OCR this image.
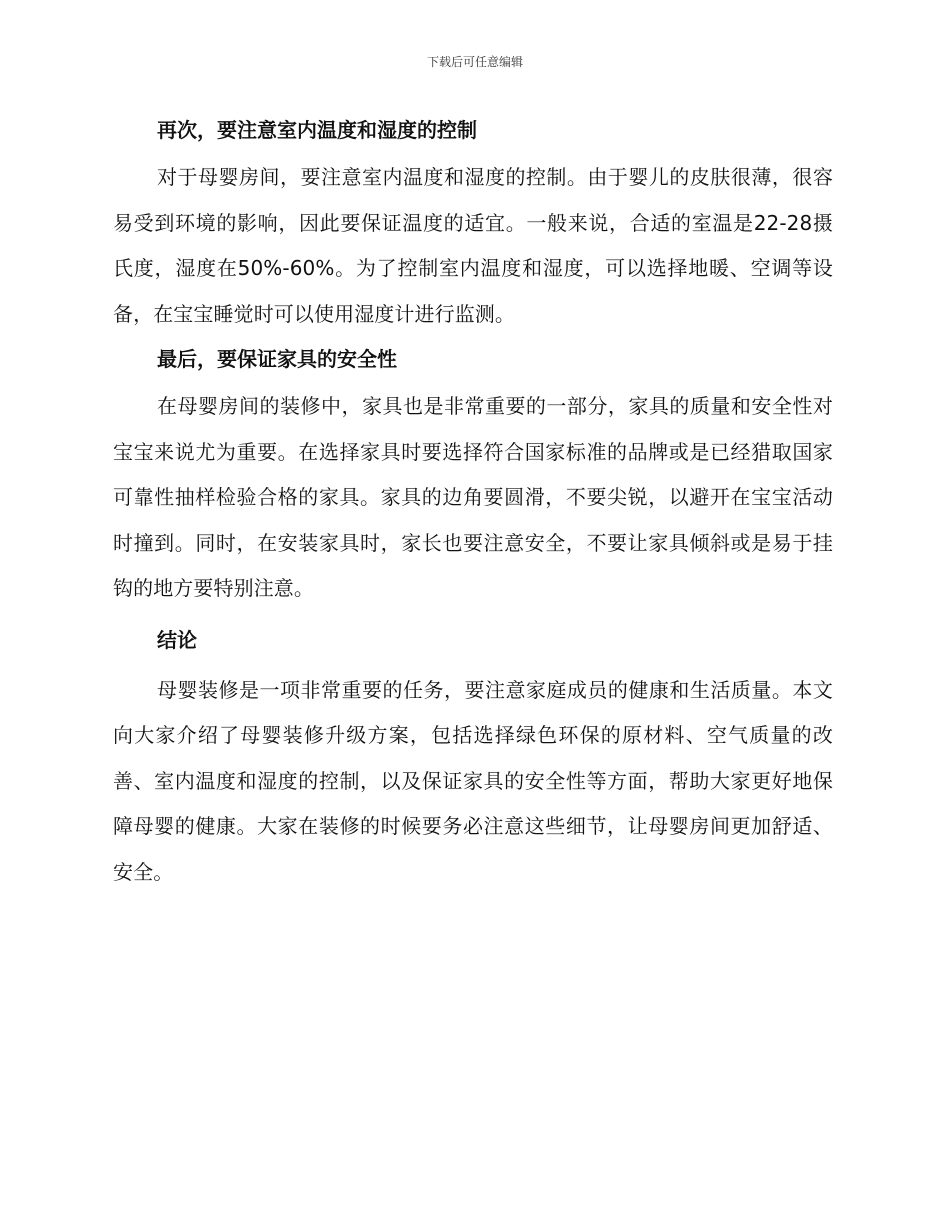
下载后可任意编辑
再次，要注意室内温度和湿度的控制

对于母婴房间，要注意室内温度和湿度的控制。由于婴儿的皮肤很薄，很容易受到环境的影响，因此要保证温度的适宜。一般来说，合适的室温是22-28摄氏度，湿度在50%-60%。为了控制室内温度和湿度，可以选择地暖、空调等设备，在宝宝睡觉时可以使用湿度计进行监测。

最后，要保证家具的安全性

在母婴房间的装修中，家具也是非常重要的一部分，家具的质量和安全性对宝宝来说尤为重要。在选择家具时要选择符合国家标准的品牌或是已经猎取国家可靠性抽样检验合格的家具。家具的边角要圆滑，不要尖锐，以避开在宝宝活动时撞到。同时，在安装家具时，家长也要注意安全，不要让家具倾斜或是易于挂钩的地方要特别注意。

结论

母婴装修是一项非常重要的任务，要注意家庭成员的健康和生活质量。本文向大家介绍了母婴装修升级方案，包括选择绿色环保的原材料、空气质量的改善、室内温度和湿度的控制，以及保证家具的安全性等方面，帮助大家更好地保障母婴的健康。大家在装修的时候要务必注意这些细节，让母婴房间更加舒适、安全。
